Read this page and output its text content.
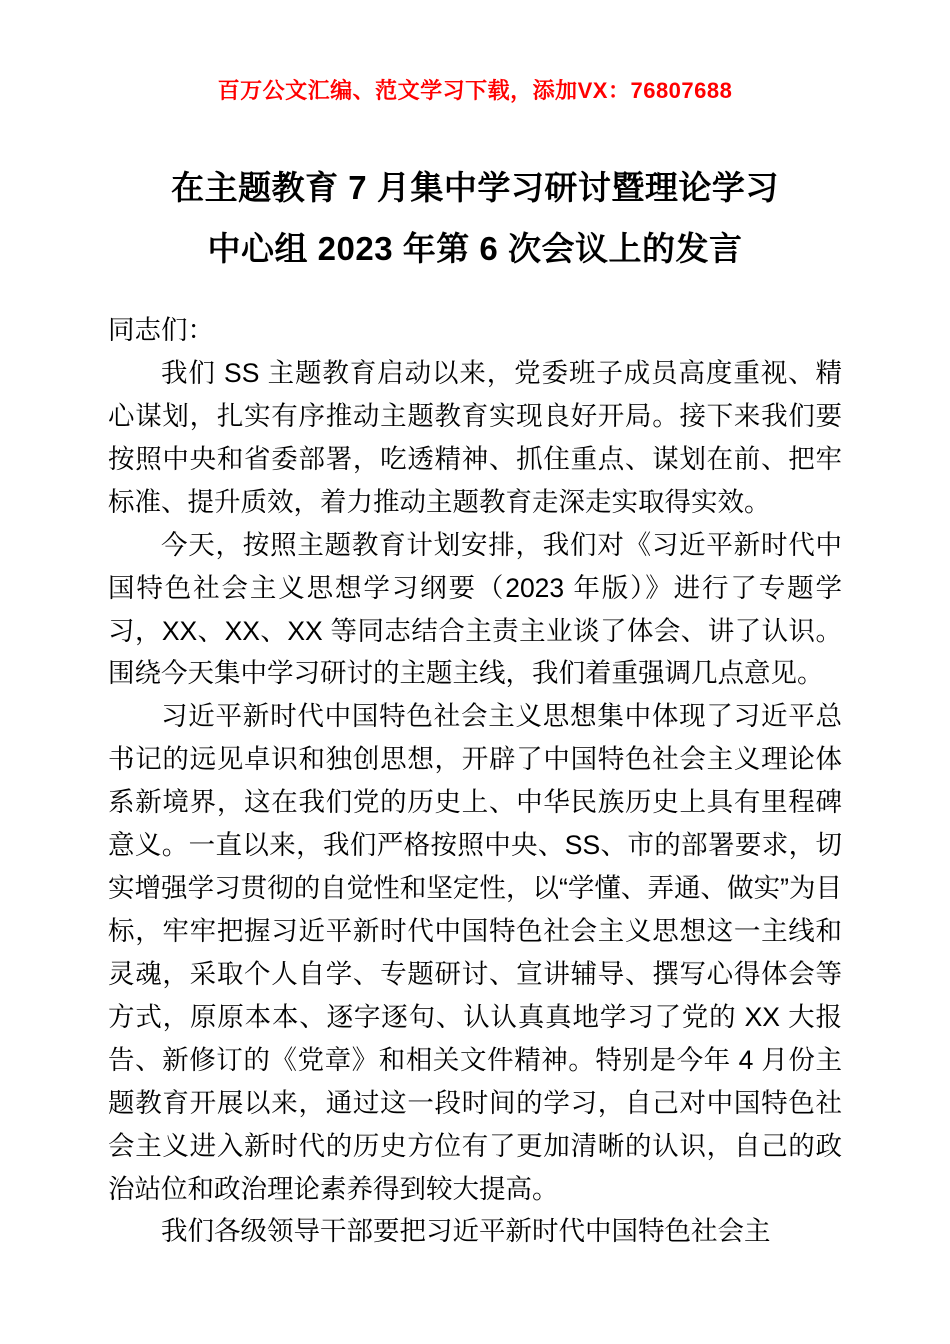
百万公文汇编、范文学习下载，添加VX：76807688
在主题教育 7 月集中学习研讨暨理论学习
中心组 2023 年第 6 次会议上的发言

同志们：

我们 SS 主题教育启动以来，党委班子成员高度重视、精心谋划，扎实有序推动主题教育实现良好开局。接下来我们要按照中央和省委部署，吃透精神、抓住重点、谋划在前、把牢标准、提升质效，着力推动主题教育走深走实取得实效。

今天，按照主题教育计划安排，我们对《习近平新时代中国特色社会主义思想学习纲要（2023 年版）》进行了专题学习，XX、XX、XX 等同志结合主责主业谈了体会、讲了认识。围绕今天集中学习研讨的主题主线，我们着重强调几点意见。

习近平新时代中国特色社会主义思想集中体现了习近平总书记的远见卓识和独创思想，开辟了中国特色社会主义理论体系新境界，这在我们党的历史上、中华民族历史上具有里程碑意义。一直以来，我们严格按照中央、SS、市的部署要求，切实增强学习贯彻的自觉性和坚定性，以“学懂、弄通、做实”为目标，牢牢把握习近平新时代中国特色社会主义思想这一主线和灵魂，采取个人自学、专题研讨、宣讲辅导、撰写心得体会等方式，原原本本、逐字逐句、认认真真地学习了党的 XX 大报告、新修订的《党章》和相关文件精神。特别是今年 4 月份主题教育开展以来，通过这一段时间的学习，自己对中国特色社会主义进入新时代的历史方位有了更加清晰的认识，自己的政治站位和政治理论素养得到较大提高。

我们各级领导干部要把习近平新时代中国特色社会主
